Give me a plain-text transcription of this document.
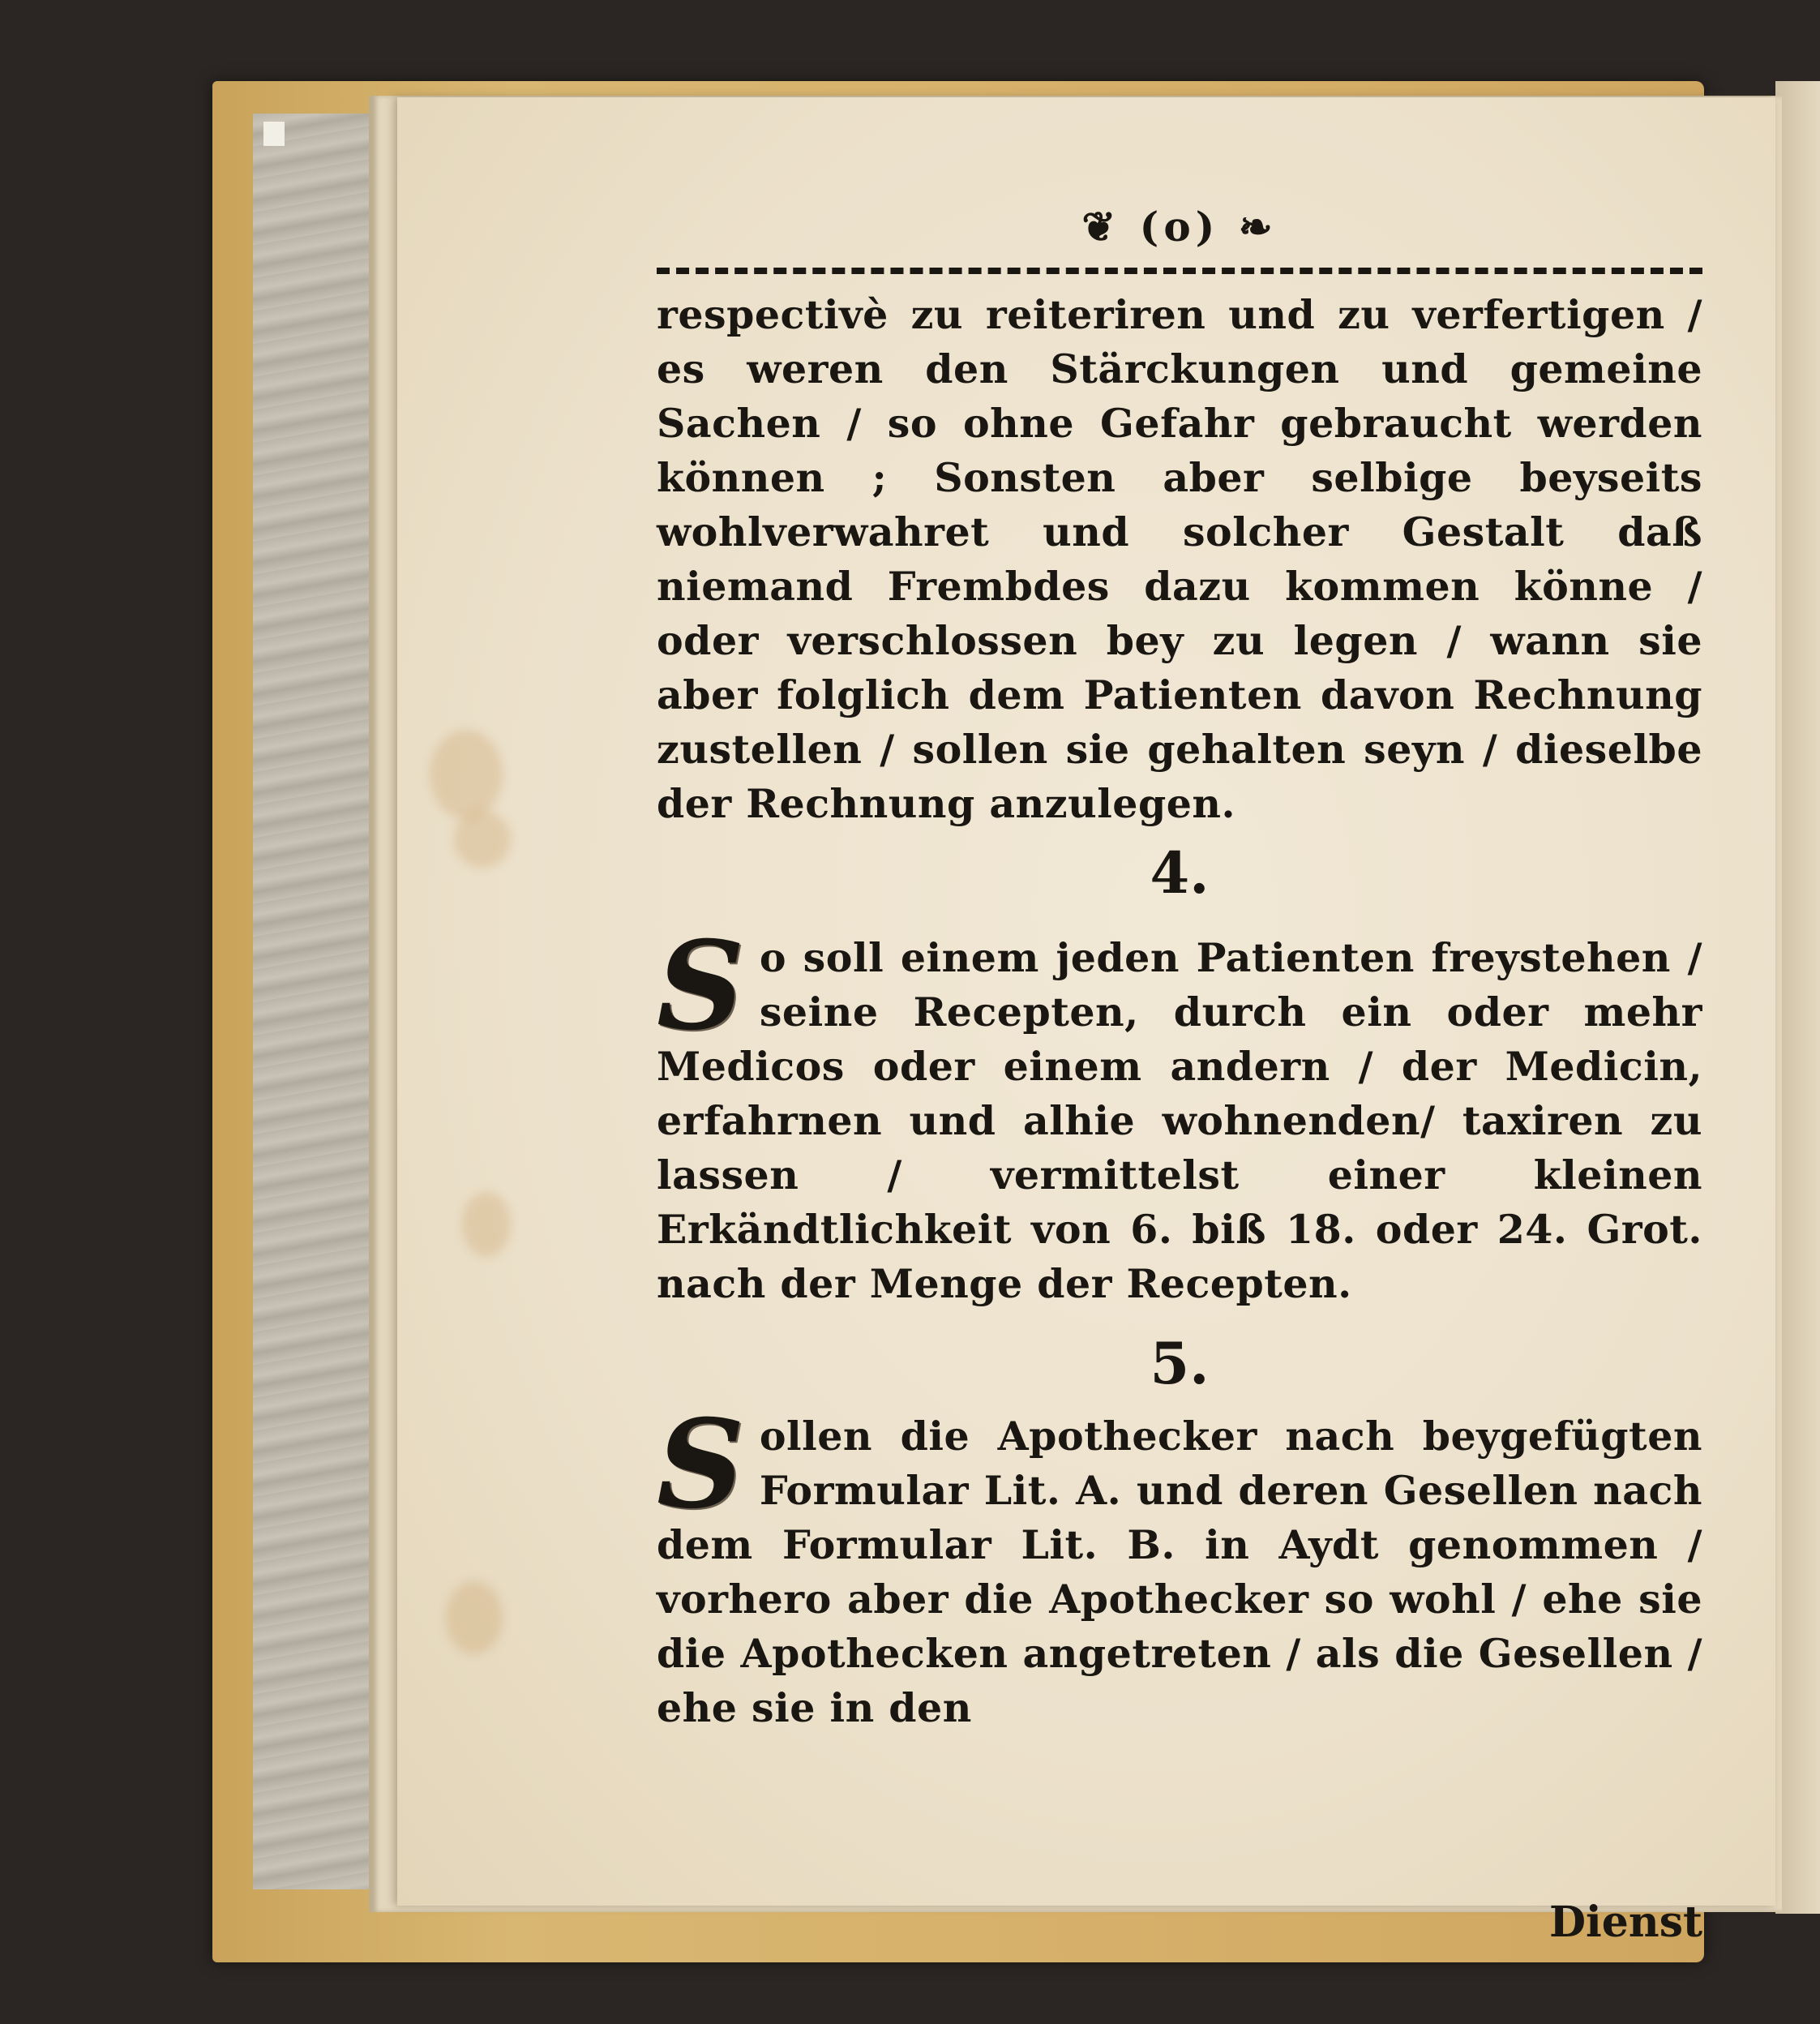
❦ (o) ❧
respectivè zu reiteriren und zu verfertigen / es weren den Stärckungen und gemeine Sachen / so ohne Gefahr gebraucht werden können ; Sonsten aber selbige beyseits wohlverwahret und solcher Gestalt daß niemand Frembdes dazu kommen könne / oder verschlossen bey zu legen / wann sie aber folglich dem Patienten davon Rechnung zustellen / sollen sie gehalten seyn / dieselbe der Rechnung anzulegen.
4.
So soll einem jeden Patienten freystehen / seine Recepten, durch ein oder mehr Medicos oder einem andern / der Medicin, erfahrnen und alhie wohnenden/ taxiren zu lassen / vermittelst einer kleinen Erkändtlichkeit von 6. biß 18. oder 24. Grot. nach der Menge der Recepten.
5.
Sollen die Apothecker nach beygefügten Formular Lit. A. und deren Gesellen nach dem Formular Lit. B. in Aydt genommen / vorhero aber die Apothecker so wohl / ehe sie die Apothecken angetreten / als die Gesellen / ehe sie in den
Dienst
